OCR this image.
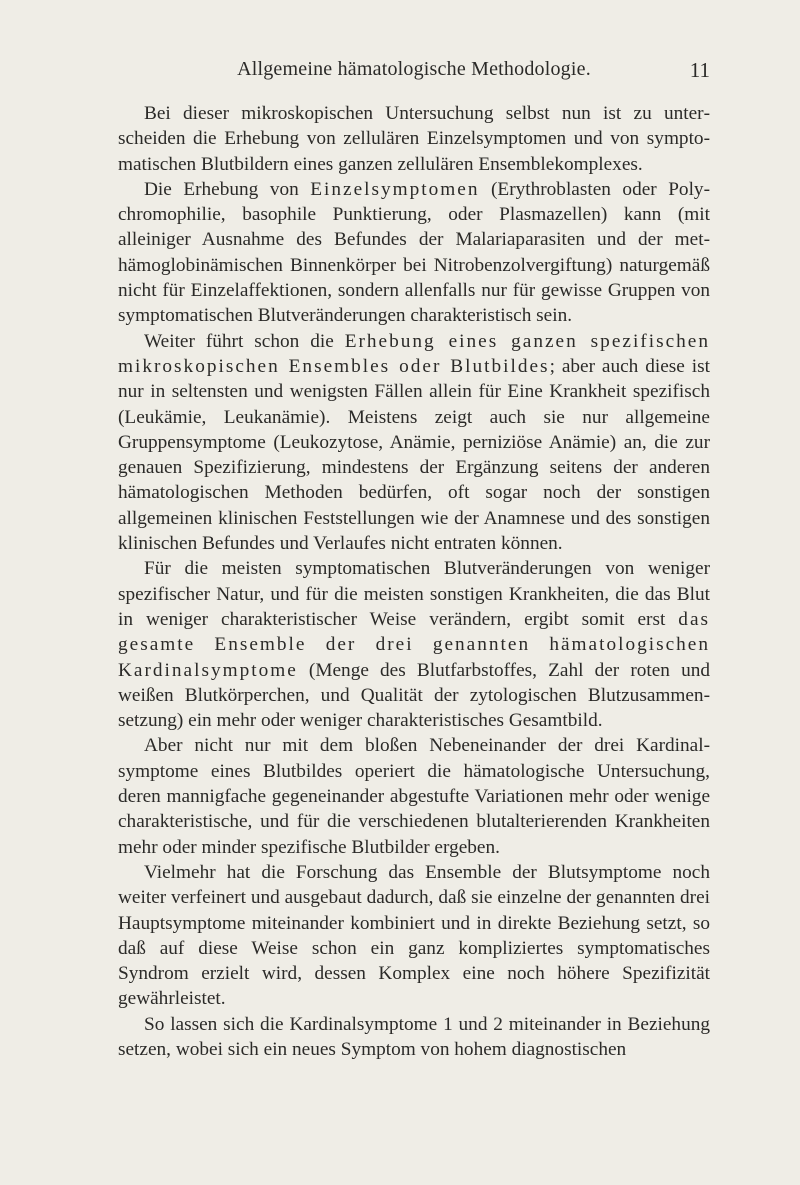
Allgemeine hämatologische Methodologie.	11

Bei dieser mikroskopischen Untersuchung selbst nun ist zu unterscheiden die Erhebung von zellulären Einzelsymptomen und von symptomatischen Blutbildern eines ganzen zellulären Ensemblekomplexes.

Die Erhebung von Einzelsymptomen (Erythroblasten oder Polychromophilie, basophile Punktierung, oder Plasmazellen) kann (mit alleiniger Ausnahme des Befundes der Malariaparasiten und der methämoglobinämischen Binnenkörper bei Nitrobenzolvergiftung) naturgemäß nicht für Einzelaffektionen, sondern allenfalls nur für gewisse Gruppen von symptomatischen Blutveränderungen charakteristisch sein.

Weiter führt schon die Erhebung eines ganzen spezifischen mikroskopischen Ensembles oder Blutbildes; aber auch diese ist nur in seltensten und wenigsten Fällen allein für Eine Krankheit spezifisch (Leukämie, Leukanämie). Meistens zeigt auch sie nur allgemeine Gruppensymptome (Leukozytose, Anämie, perniziöse Anämie) an, die zur genauen Spezifizierung, mindestens der Ergänzung seitens der anderen hämatologischen Methoden bedürfen, oft sogar noch der sonstigen allgemeinen klinischen Feststellungen wie der Anamnese und des sonstigen klinischen Befundes und Verlaufes nicht entraten können.

Für die meisten symptomatischen Blutveränderungen von weniger spezifischer Natur, und für die meisten sonstigen Krankheiten, die das Blut in weniger charakteristischer Weise verändern, ergibt somit erst das gesamte Ensemble der drei genannten hämatologischen Kardinalsymptome (Menge des Blutfarbstoffes, Zahl der roten und weißen Blutkörperchen, und Qualität der zytologischen Blutzusammensetzung) ein mehr oder weniger charakteristisches Gesamtbild.

Aber nicht nur mit dem bloßen Nebeneinander der drei Kardinalsymptome eines Blutbildes operiert die hämatologische Untersuchung, deren mannigfache gegeneinander abgestufte Variationen mehr oder wenige charakteristische, und für die verschiedenen blutalterierenden Krankheiten mehr oder minder spezifische Blutbilder ergeben.

Vielmehr hat die Forschung das Ensemble der Blutsymptome noch weiter verfeinert und ausgebaut dadurch, daß sie einzelne der genannten drei Hauptsymptome miteinander kombiniert und in direkte Beziehung setzt, so daß auf diese Weise schon ein ganz kompliziertes symptomatisches Syndrom erzielt wird, dessen Komplex eine noch höhere Spezifizität gewährleistet.

So lassen sich die Kardinalsymptome 1 und 2 miteinander in Beziehung setzen, wobei sich ein neues Symptom von hohem diagnostischen
